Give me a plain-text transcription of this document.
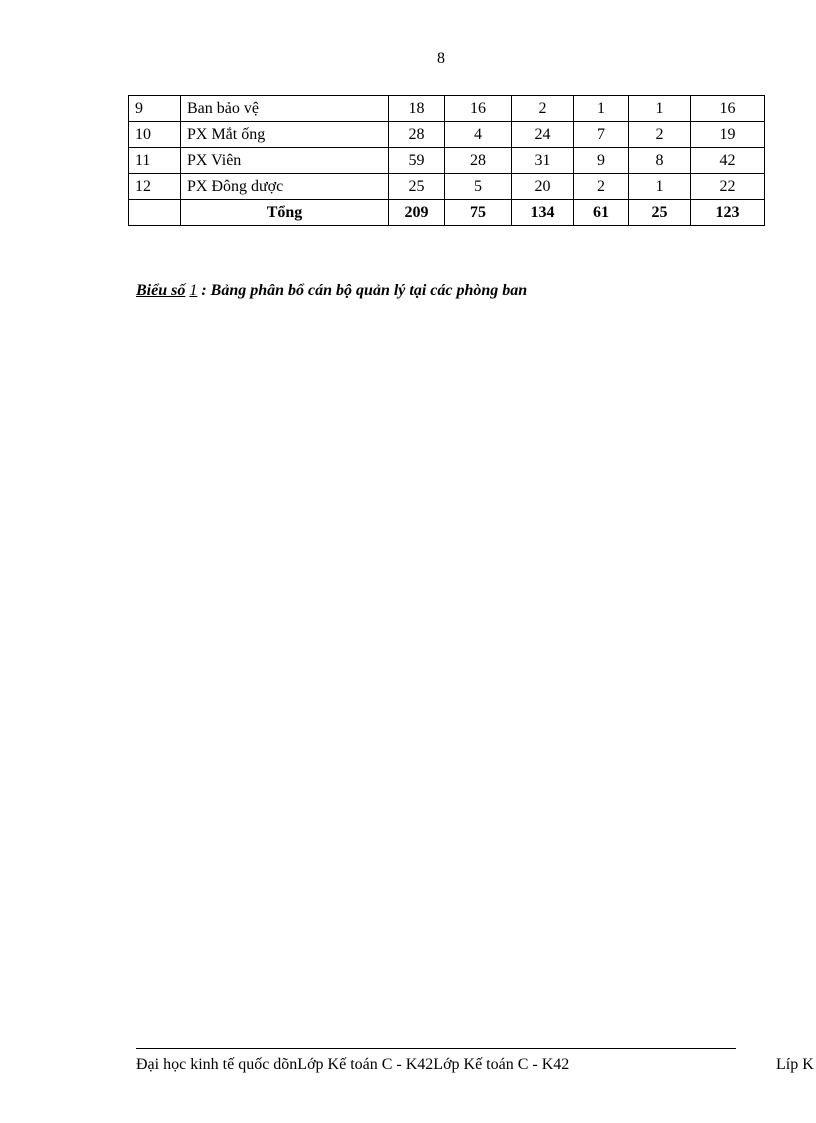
8
9	Ban bảo vệ	18	16	2	1	1	16
10	PX Mắt ống	28	4	24	7	2	19
11	PX Viên	59	28	31	9	8	42
12	PX Đông dược	25	5	20	2	1	22
	Tổng	209	75	134	61	25	123
Biểu số 1 : Bảng phân bổ cán bộ quản lý tại các phòng ban
Đại học kinh tế quốc dõnLớp Kế toán C - K42Lớp Kế toán C - K42	Líp K
